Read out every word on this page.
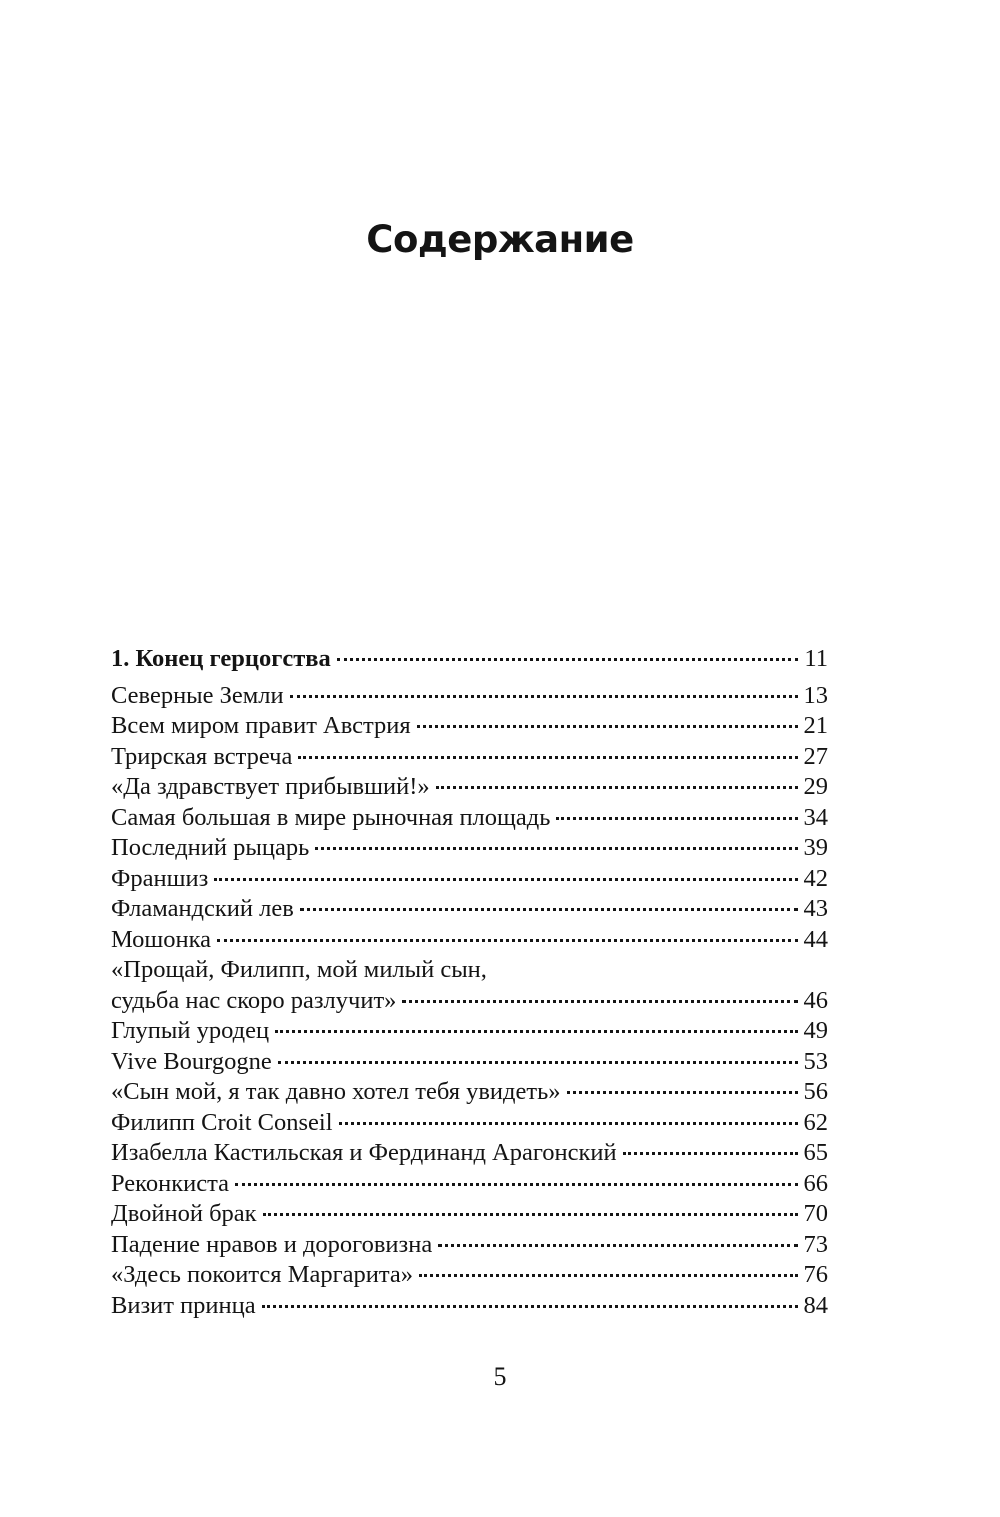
Содержание
1. Конец герцогства	11
Северные Земли	13
Всем миром правит Австрия	21
Трирская встреча	27
«Да здравствует прибывший!»	29
Самая большая в мире рыночная площадь	34
Последний рыцарь	39
Франшиз	42
Фламандский лев	43
Мошонка	44
«Прощай, Филипп, мой милый сын,
судьба нас скоро разлучит»	46
Глупый уродец	49
Vive Bourgogne	53
«Сын мой, я так давно хотел тебя увидеть»	56
Филипп Croit Conseil	62
Изабелла Кастильская и Фердинанд Арагонский	65
Реконкиста	66
Двойной брак	70
Падение нравов и дороговизна	73
«Здесь покоится Маргарита»	76
Визит принца	84
5
